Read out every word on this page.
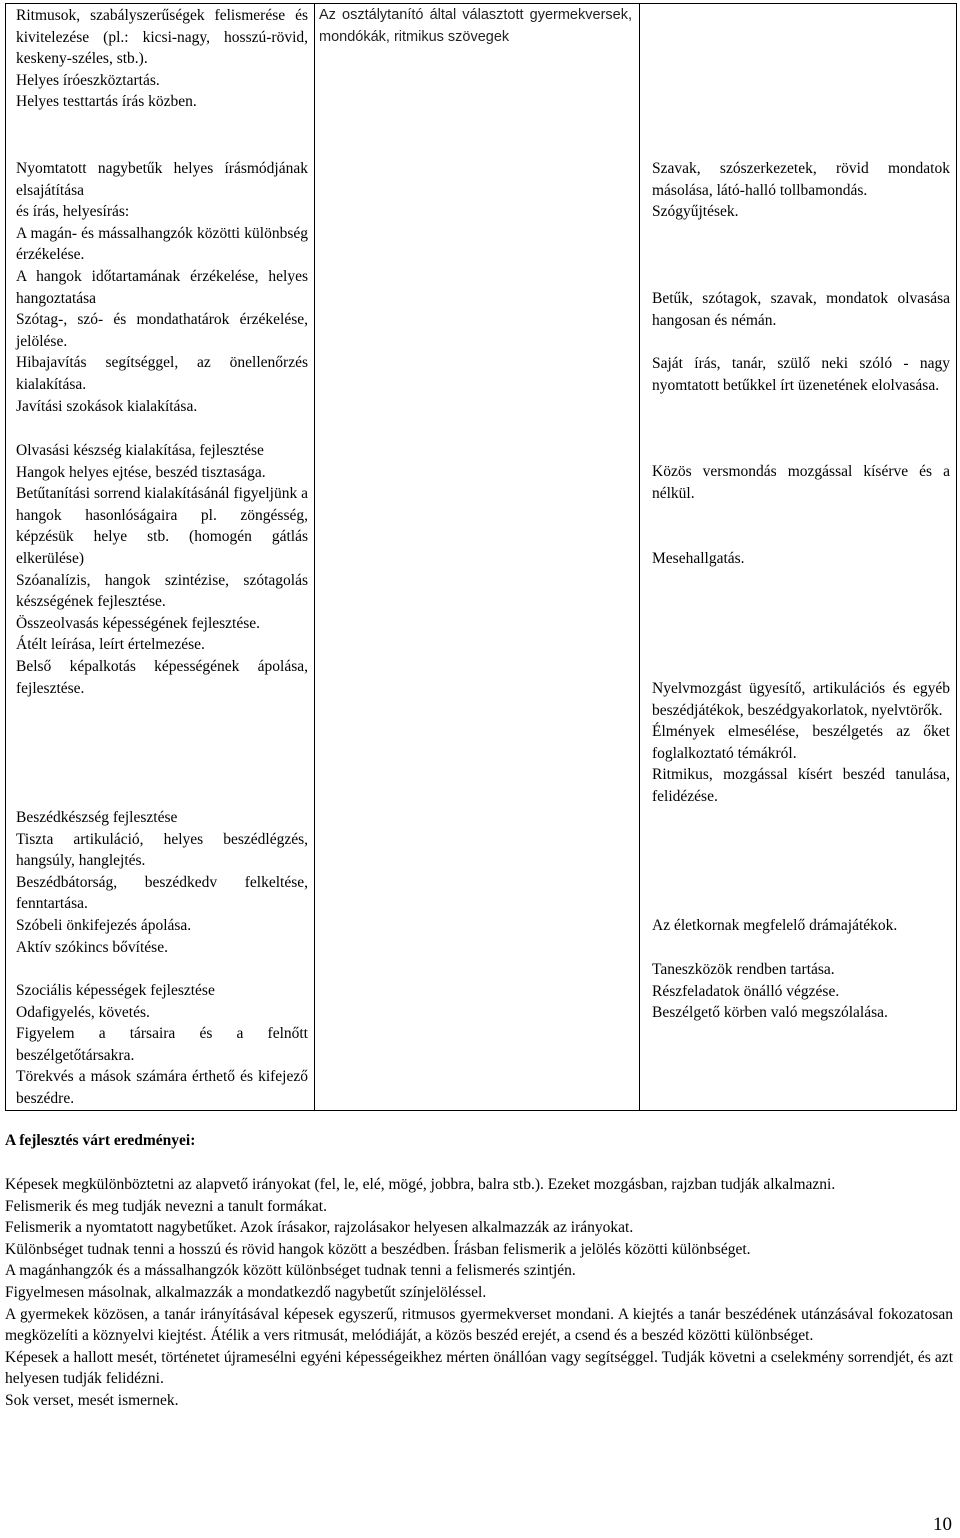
Ritmusok, szabályszerűségek felismerése és kivitelezése (pl.: kicsi-nagy, hosszú-rövid, keskeny-széles, stb.).

Helyes íróeszköztartás.

Helyes testtartás írás közben.

Nyomtatott nagybetűk helyes írásmódjának elsajátítása

és írás, helyesírás:

A magán- és mássalhangzók közötti különbség érzékelése.

A hangok időtartamának érzékelése, helyes hangoztatása

Szótag-, szó- és mondathatárok érzékelése, jelölése.

Hibajavítás segítséggel, az önellenőrzés kialakítása.

Javítási szokások kialakítása.

Olvasási készség kialakítása, fejlesztése

Hangok helyes ejtése, beszéd tisztasága.

Betűtanítási sorrend kialakításánál figyeljünk a hangok hasonlóságaira pl. zöngésség, képzésük helye stb. (homogén gátlás elkerülése)

Szóanalízis, hangok szintézise, szótagolás készségének fejlesztése.

Összeolvasás képességének fejlesztése.

Átélt leírása, leírt értelmezése.

Belső képalkotás képességének ápolása, fejlesztése.

Beszédkészség fejlesztése

Tiszta artikuláció, helyes beszédlégzés, hangsúly, hanglejtés.

Beszédbátorság, beszédkedv felkeltése, fenntartása.

Szóbeli önkifejezés ápolása.

Aktív szókincs bővítése.

Szociális képességek fejlesztése

Odafigyelés, követés.

Figyelem a társaira és a felnőtt beszélgetőtársakra.

Törekvés a mások számára érthető és kifejező beszédre.

Az osztálytanító által választott gyermekversek, mondókák, ritmikus szövegek

Szavak, szószerkezetek, rövid mondatok másolása, látó-halló tollbamondás.

Szógyűjtések.

Betűk, szótagok, szavak, mondatok olvasása hangosan és némán.

Saját írás, tanár, szülő neki szóló - nagy nyomtatott betűkkel írt üzenetének elolvasása.

Közös versmondás mozgással kísérve és a nélkül.

Mesehallgatás.

Nyelvmozgást ügyesítő, artikulációs és egyéb beszédjátékok, beszédgyakorlatok, nyelvtörők.

Élmények elmesélése, beszélgetés az őket foglalkoztató témákról.

Ritmikus, mozgással kísért beszéd tanulása, felidézése.

Az életkornak megfelelő drámajátékok.

Taneszközök rendben tartása.

Részfeladatok önálló végzése.

Beszélgető körben való megszólalása.

A fejlesztés várt eredményei:

Képesek megkülönböztetni az alapvető irányokat (fel, le, elé, mögé, jobbra, balra stb.). Ezeket mozgásban, rajzban tudják alkalmazni.

Felismerik és meg tudják nevezni a tanult formákat.

Felismerik a nyomtatott nagybetűket. Azok írásakor, rajzolásakor helyesen alkalmazzák az irányokat.

Különbséget tudnak tenni a hosszú és rövid hangok között a beszédben. Írásban felismerik a jelölés közötti különbséget.

A magánhangzók és a mássalhangzók között különbséget tudnak tenni a felismerés szintjén.

Figyelmesen másolnak, alkalmazzák a mondatkezdő nagybetűt színjelöléssel.

A gyermekek közösen, a tanár irányításával képesek egyszerű, ritmusos gyermekverset mondani. A kiejtés a tanár beszédének utánzásával fokozatosan megközelíti a köznyelvi kiejtést. Átélik a vers ritmusát, melódiáját, a közös beszéd erejét, a csend és a beszéd közötti különbséget.

Képesek a hallott mesét, történetet újramesélni egyéni képességeikhez mérten önállóan vagy segítséggel. Tudják követni a cselekmény sorrendjét, és azt helyesen tudják felidézni.

Sok verset, mesét ismernek.

10
